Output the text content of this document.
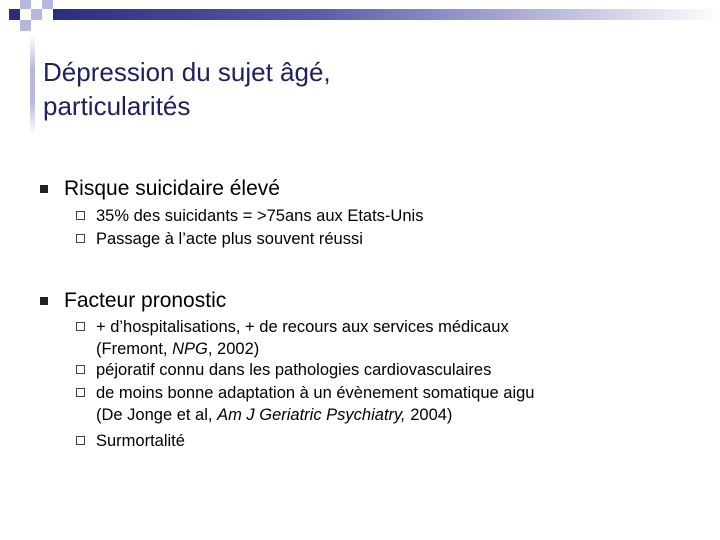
Dépression du sujet âgé,
particularités
Risque suicidaire élevé
35% des suicidants = >75ans aux Etats-Unis
Passage à l’acte plus souvent réussi
Facteur pronostic
+ d’hospitalisations, + de recours aux services médicaux
(Fremont, NPG, 2002)
péjoratif connu dans les pathologies cardiovasculaires
de moins bonne adaptation à un évènement somatique aigu
(De Jonge et al, Am J Geriatric Psychiatry, 2004)
Surmortalité
